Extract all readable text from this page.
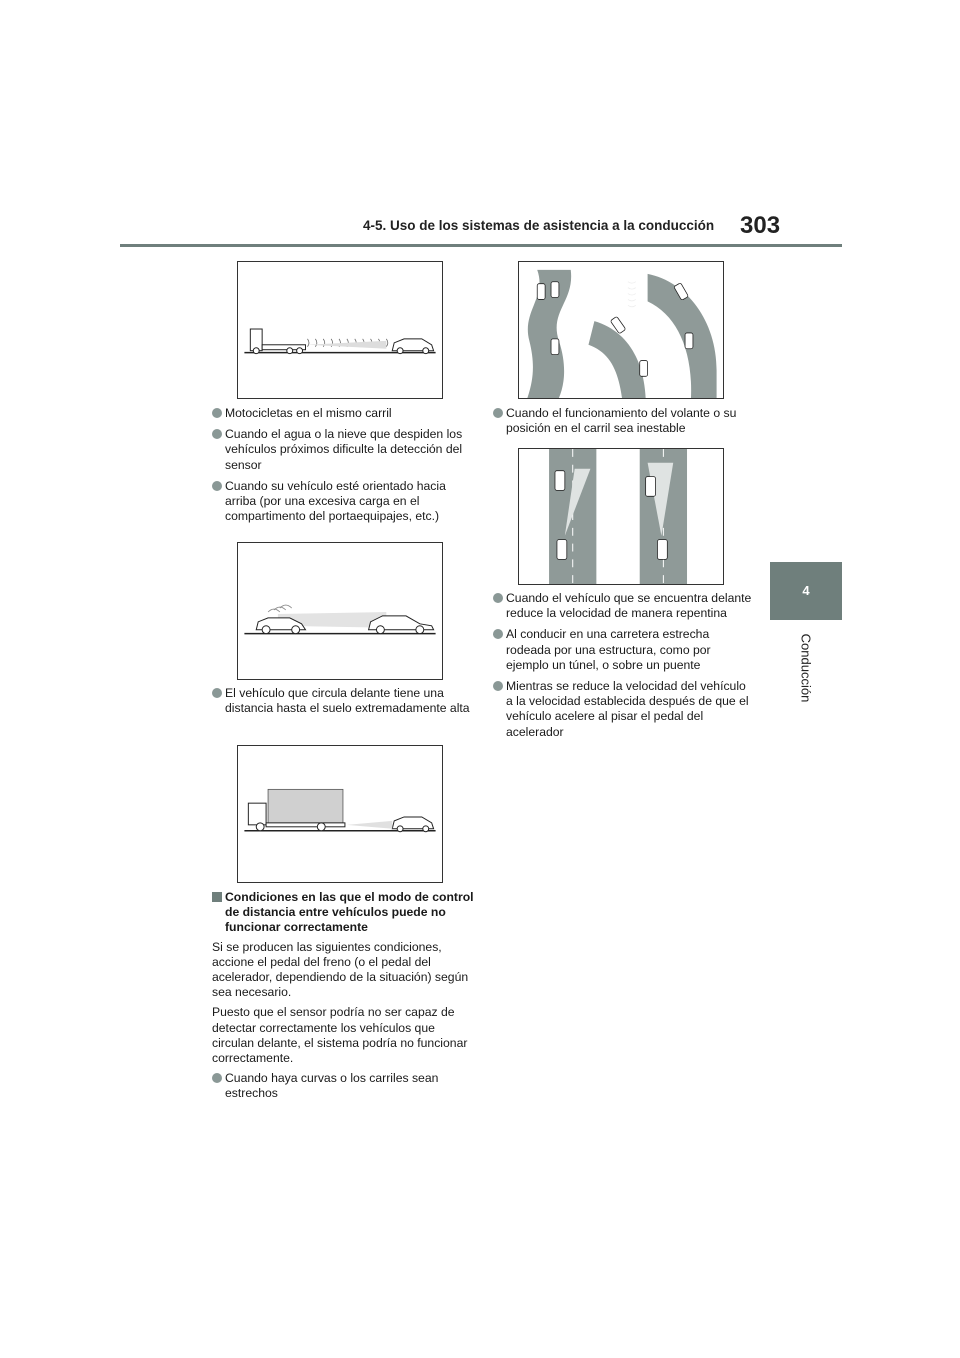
4-5. Uso de los sistemas de asistencia a la conducción 303
4
Conducción

Motocicletas en el mismo carril

Cuando el agua o la nieve que despiden los vehículos próximos dificulte la detección del sensor

Cuando su vehículo esté orientado hacia arriba (por una excesiva carga en el compartimento del portaequipajes, etc.)

El vehículo que circula delante tiene una distancia hasta el suelo extremadamente alta

Condiciones en las que el modo de control de distancia entre vehículos puede no funcionar correctamente

Si se producen las siguientes condiciones, accione el pedal del freno (o el pedal del acelerador, dependiendo de la situación) según sea necesario.

Puesto que el sensor podría no ser capaz de detectar correctamente los vehículos que circulan delante, el sistema podría no funcionar correctamente.

Cuando haya curvas o los carriles sean estrechos

Cuando el funcionamiento del volante o su posición en el carril sea inestable

Cuando el vehículo que se encuentra delante reduce la velocidad de manera repentina

Al conducir en una carretera estrecha rodeada por una estructura, como por ejemplo un túnel, o sobre un puente

Mientras se reduce la velocidad del vehículo a la velocidad establecida después de que el vehículo acelere al pisar el pedal del acelerador
